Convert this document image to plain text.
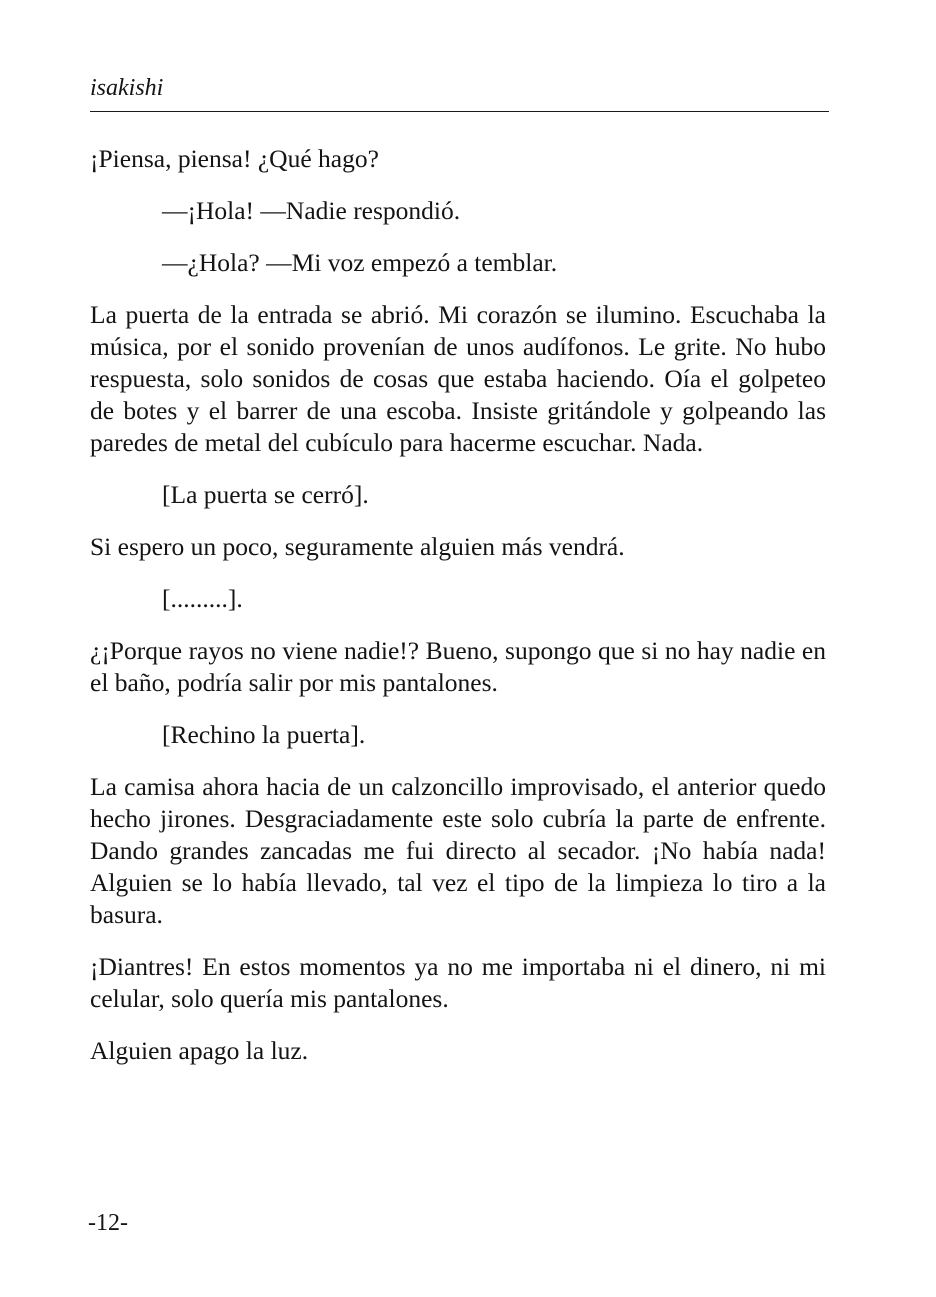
isakishi

¡Piensa, piensa! ¿Qué hago?

—¡Hola! —Nadie respondió.

—¿Hola? —Mi voz empezó a temblar.

La puerta de la entrada se abrió. Mi corazón se ilumino. Escuchaba la música, por el sonido provenían de unos audífonos. Le grite. No hubo respuesta, solo sonidos de cosas que estaba haciendo. Oía el golpeteo de botes y el barrer de una escoba. Insiste gritándole y golpeando las paredes de metal del cubículo para hacerme escuchar. Nada.

[La puerta se cerró].

Si espero un poco, seguramente alguien más vendrá.

[.........].

¿¡Porque rayos no viene nadie!? Bueno, supongo que si no hay nadie en el baño, podría salir por mis pantalones.

[Rechino la puerta].

La camisa ahora hacia de un calzoncillo improvisado, el anterior quedo hecho jirones. Desgraciadamente este solo cubría la parte de enfrente. Dando grandes zancadas me fui directo al secador. ¡No había nada! Alguien se lo había llevado, tal vez el tipo de la limpieza lo tiro a la basura.

¡Diantres! En estos momentos ya no me importaba ni el dinero, ni mi celular, solo quería mis pantalones.

Alguien apago la luz.

-12-
